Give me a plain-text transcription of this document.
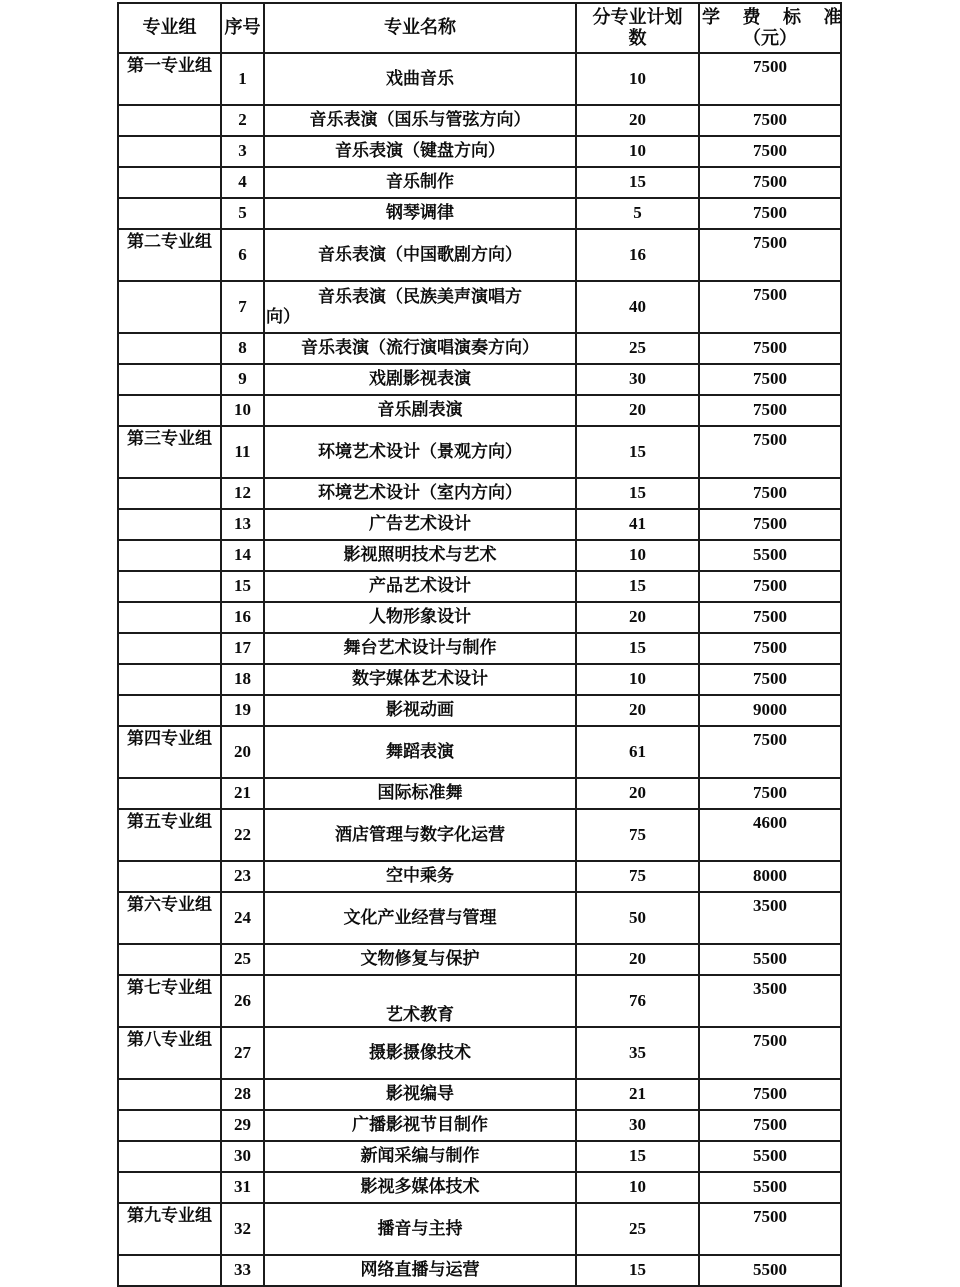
专业组	序号	专业名称	分专业计划
数	学 费 标 准
（元）
第一专业组	1	戏曲音乐	10	7500
	2	音乐表演（国乐与管弦方向）	20	7500
	3	音乐表演（键盘方向）	10	7500
	4	音乐制作	15	7500
	5	钢琴调律	5	7500
第二专业组	6	音乐表演（中国歌剧方向）	16	7500
	7	音乐表演（民族美声演唱方
向）	40	7500
	8	音乐表演（流行演唱演奏方向）	25	7500
	9	戏剧影视表演	30	7500
	10	音乐剧表演	20	7500
第三专业组	11	环境艺术设计（景观方向）	15	7500
	12	环境艺术设计（室内方向）	15	7500
	13	广告艺术设计	41	7500
	14	影视照明技术与艺术	10	5500
	15	产品艺术设计	15	7500
	16	人物形象设计	20	7500
	17	舞台艺术设计与制作	15	7500
	18	数字媒体艺术设计	10	7500
	19	影视动画	20	9000
第四专业组	20	舞蹈表演	61	7500
	21	国际标准舞	20	7500
第五专业组	22	酒店管理与数字化运营	75	4600
	23	空中乘务	75	8000
第六专业组	24	文化产业经营与管理	50	3500
	25	文物修复与保护	20	5500
第七专业组	26	艺术教育	76	3500
第八专业组	27	摄影摄像技术	35	7500
	28	影视编导	21	7500
	29	广播影视节目制作	30	7500
	30	新闻采编与制作	15	5500
	31	影视多媒体技术	10	5500
第九专业组	32	播音与主持	25	7500
	33	网络直播与运营	15	5500
